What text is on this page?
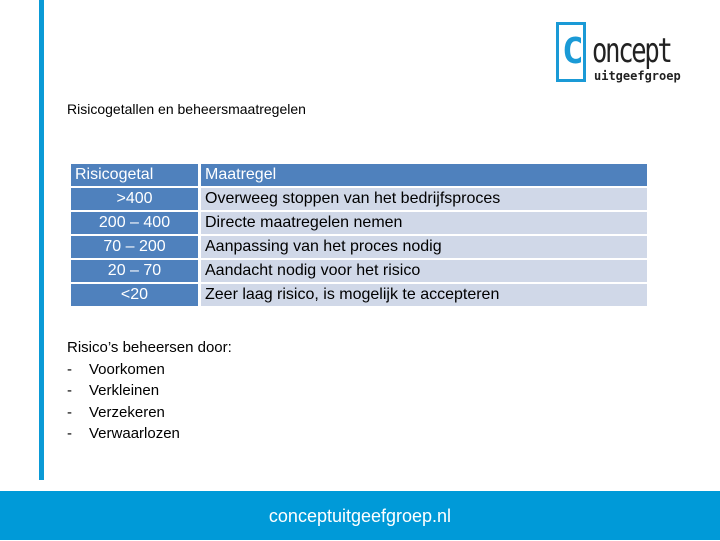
C oncept
uitgeefgroep
Risicogetallen en beheersmaatregelen
Risicogetal	Maatregel
>400	Overweeg stoppen van het bedrijfsproces
200 – 400	Directe maatregelen nemen
70 – 200	Aanpassing van het proces nodig
20 – 70	Aandacht nodig voor het risico
<20	Zeer laag risico, is mogelijk te accepteren
Risico’s beheersen door:
- Voorkomen
- Verkleinen
- Verzekeren
- Verwaarlozen
conceptuitgeefgroep.nl
